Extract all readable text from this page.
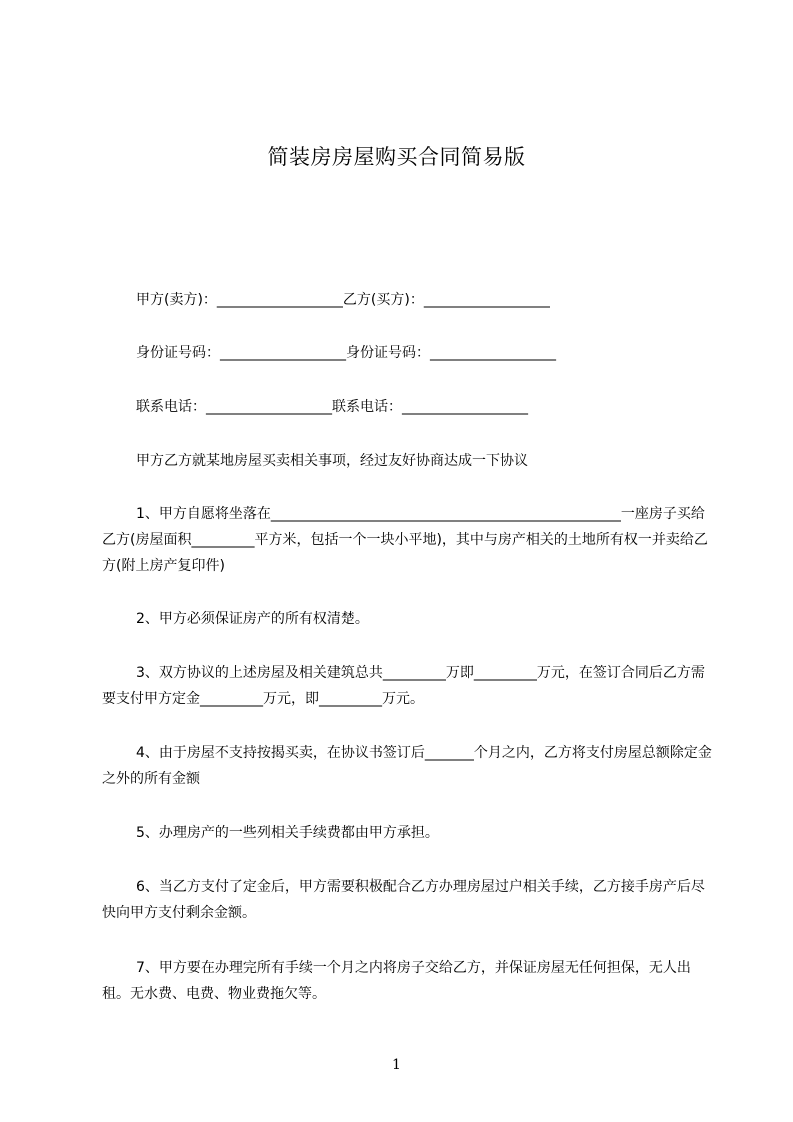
简装房房屋购买合同简易版
甲方(卖方)：__________________乙方(买方)：__________________
身份证号码：__________________身份证号码：__________________
联系电话：__________________联系电话：__________________
甲方乙方就某地房屋买卖相关事项，经过友好协商达成一下协议
1、甲方自愿将坐落在__________________________________________________一座房子买给乙方(房屋面积_________平方米，包括一个一块小平地)，其中与房产相关的土地所有权一并卖给乙方(附上房产复印件)
2、甲方必须保证房产的所有权清楚。
3、双方协议的上述房屋及相关建筑总共_________万即_________万元，在签订合同后乙方需要支付甲方定金_________万元，即_________万元。
4、由于房屋不支持按揭买卖，在协议书签订后_______个月之内，乙方将支付房屋总额除定金之外的所有金额
5、办理房产的一些列相关手续费都由甲方承担。
6、当乙方支付了定金后，甲方需要积极配合乙方办理房屋过户相关手续，乙方接手房产后尽快向甲方支付剩余金额。
7、甲方要在办理完所有手续一个月之内将房子交给乙方，并保证房屋无任何担保，无人出租。无水费、电费、物业费拖欠等。
1
